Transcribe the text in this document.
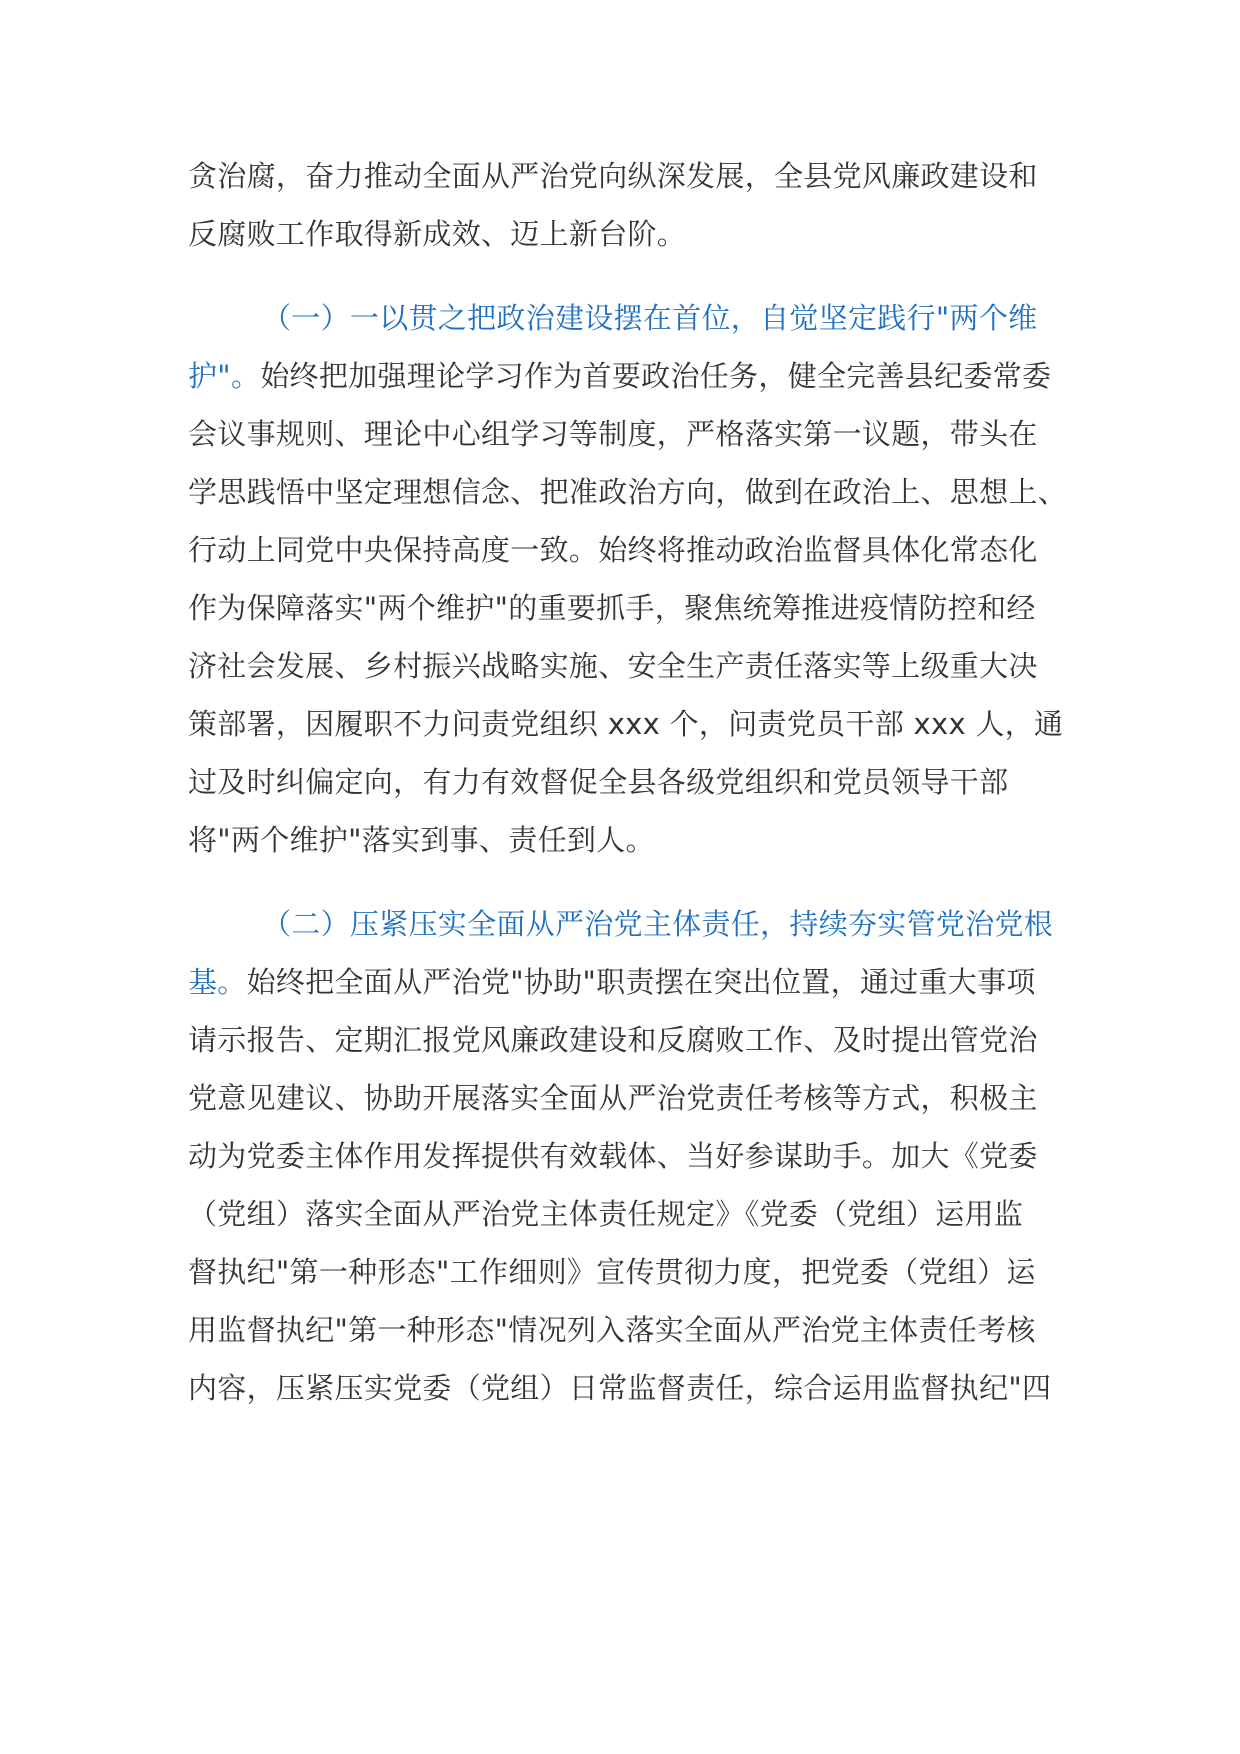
贪治腐，奋力推动全面从严治党向纵深发展，全县党风廉政建设和
反腐败工作取得新成效、迈上新台阶。
（一）一以贯之把政治建设摆在首位，自觉坚定践行"两个维
护"。始终把加强理论学习作为首要政治任务，健全完善县纪委常委
会议事规则、理论中心组学习等制度，严格落实第一议题，带头在
学思践悟中坚定理想信念、把准政治方向，做到在政治上、思想上、
行动上同党中央保持高度一致。始终将推动政治监督具体化常态化
作为保障落实"两个维护"的重要抓手，聚焦统筹推进疫情防控和经
济社会发展、乡村振兴战略实施、安全生产责任落实等上级重大决
策部署，因履职不力问责党组织 xxx 个，问责党员干部 xxx 人，通
过及时纠偏定向，有力有效督促全县各级党组织和党员领导干部
将"两个维护"落实到事、责任到人。
（二）压紧压实全面从严治党主体责任，持续夯实管党治党根
基。始终把全面从严治党"协助"职责摆在突出位置，通过重大事项
请示报告、定期汇报党风廉政建设和反腐败工作、及时提出管党治
党意见建议、协助开展落实全面从严治党责任考核等方式，积极主
动为党委主体作用发挥提供有效载体、当好参谋助手。加大《党委
（党组）落实全面从严治党主体责任规定》《党委（党组）运用监
督执纪"第一种形态"工作细则》宣传贯彻力度，把党委（党组）运
用监督执纪"第一种形态"情况列入落实全面从严治党主体责任考核
内容，压紧压实党委（党组）日常监督责任，综合运用监督执纪"四
